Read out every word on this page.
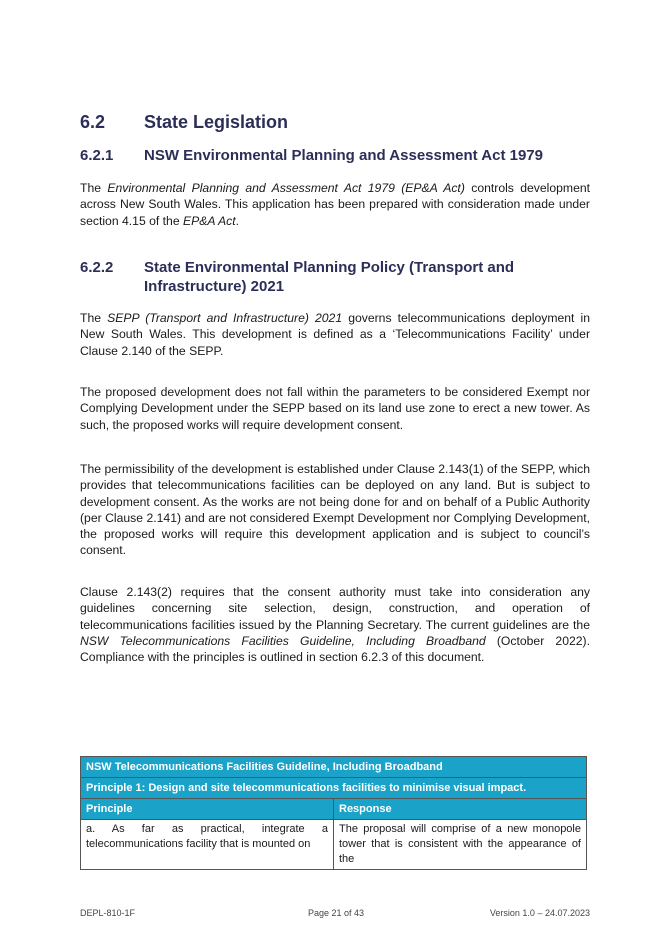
6.2 State Legislation
6.2.1 NSW Environmental Planning and Assessment Act 1979

The Environmental Planning and Assessment Act 1979 (EP&A Act) controls development across New South Wales. This application has been prepared with consideration made under section 4.15 of the EP&A Act.

6.2.2 State Environmental Planning Policy (Transport and Infrastructure) 2021

The SEPP (Transport and Infrastructure) 2021 governs telecommunications deployment in New South Wales. This development is defined as a ‘Telecommunications Facility’ under Clause 2.140 of the SEPP.

The proposed development does not fall within the parameters to be considered Exempt nor Complying Development under the SEPP based on its land use zone to erect a new tower. As such, the proposed works will require development consent.

The permissibility of the development is established under Clause 2.143(1) of the SEPP, which provides that telecommunications facilities can be deployed on any land. But is subject to development consent. As the works are not being done for and on behalf of a Public Authority (per Clause 2.141) and are not considered Exempt Development nor Complying Development, the proposed works will require this development application and is subject to council’s consent.

Clause 2.143(2) requires that the consent authority must take into consideration any guidelines concerning site selection, design, construction, and operation of telecommunications facilities issued by the Planning Secretary. The current guidelines are the NSW Telecommunications Facilities Guideline, Including Broadband (October 2022). Compliance with the principles is outlined in section 6.2.3 of this document.

NSW Telecommunications Facilities Guideline, Including Broadband	
Principle 1: Design and site telecommunications facilities to minimise visual impact.	
Principle	Response
a. As far as practical, integrate a telecommunications facility that is mounted on	The proposal will comprise of a new monopole tower that is consistent with the appearance of the
DEPL-810-1F	Page 21 of 43	Version 1.0 – 24.07.2023
